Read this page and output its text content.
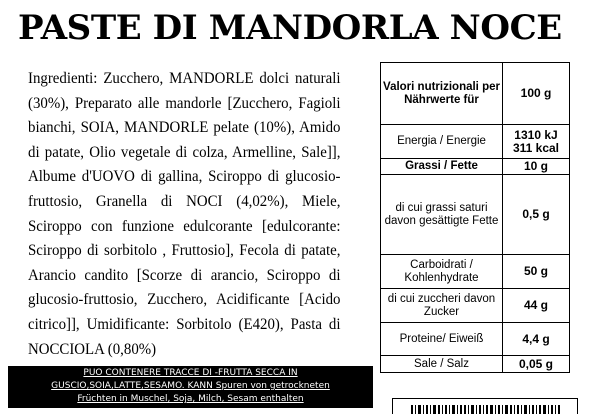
PASTE DI MANDORLA NOCE
Ingredienti: Zucchero, MANDORLE dolci naturali (30%), Preparato alle mandorle [Zucchero, Fagioli bianchi, SOIA, MANDORLE pelate (10%), Amido di patate, Olio vegetale di colza, Armelline, Sale]], Albume d'UOVO di gallina, Sciroppo di glucosio-fruttosio, Granella di NOCI (4,02%), Miele, Sciroppo con funzione edulcorante [edulcorante: Sciroppo di sorbitolo , Fruttosio], Fecola di patate, Arancio candito [Scorze di arancio, Sciroppo di glucosio-fruttosio, Zucchero, Acidificante [Acido citrico]], Umidificante: Sorbitolo (E420), Pasta di NOCCIOLA (0,80%)
PUO CONTENERE TRACCE DI -FRUTTA SECCA IN
GUSCIO,SOIA,LATTE,SESAMO. KANN Spuren von getrockneten
Früchten in Muschel, Soja, Milch, Sesam enthalten
Valori nutrizionali per Nährwerte für	100 g
Energia / Energie	1310 kJ 311 kcal
Grassi / Fette	10 g
di cui grassi saturi davon gesättigte Fette	0,5 g
Carboidrati / Kohlenhydrate	50 g
di cui zuccheri davon Zucker	44 g
Proteine/ Eiweiß	4,4 g
Sale / Salz	0,05 g
